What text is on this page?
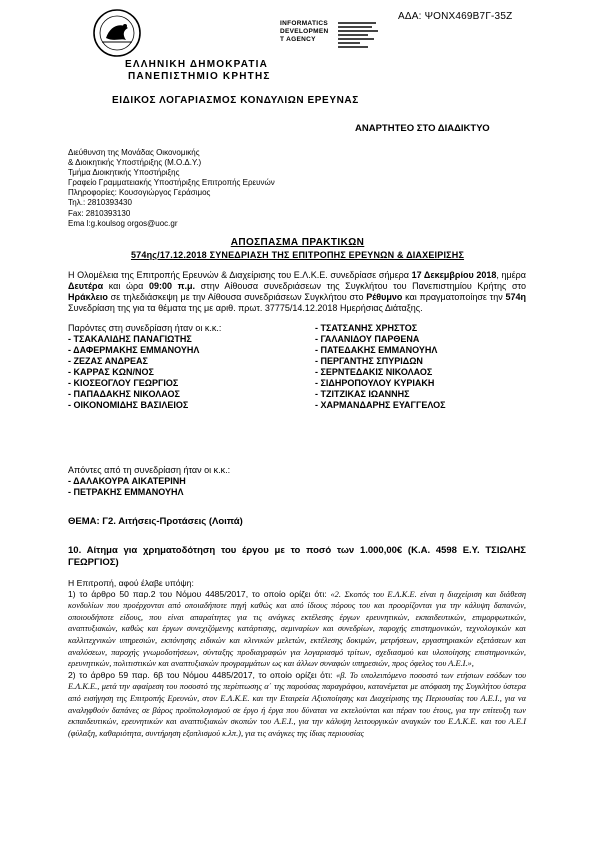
ΑΔΑ: ΨΟΝΧ469Β7Γ-35Ζ
INFORMATICS
DEVELOPMEN
T AGENCY
ΕΛΛΗΝΙΚΗ ΔΗΜΟΚΡΑΤΙΑ
ΠΑΝΕΠΙΣΤΗΜΙΟ ΚΡΗΤΗΣ
ΕΙΔΙΚΟΣ ΛΟΓΑΡΙΑΣΜΟΣ ΚΟΝΔΥΛΙΩΝ ΕΡΕΥΝΑΣ
ΑΝΑΡΤΗΤΕΟ ΣΤΟ ΔΙΑΔΙΚΤΥΟ
Διεύθυνση της Μονάδας Οικονομικής
& Διοικητικής Υποστήριξης (Μ.Ο.Δ.Υ.)
Τμήμα Διοικητικής Υποστήριξης
Γραφείο Γραμματειακής Υποστήριξης Επιτροπής Ερευνών
Πληροφορίες: Κουσογιώργος Γεράσιμος
Τηλ.: 2810393430
Fax: 2810393130
Ema l:g.koulsog orgos@uoc.gr
ΑΠΟΣΠΑΣΜΑ ΠΡΑΚΤΙΚΩΝ
574ης/17.12.2018 ΣΥΝΕΔΡΙΑΣΗ ΤΗΣ ΕΠΙΤΡΟΠΗΣ ΕΡΕΥΝΩΝ & ΔΙΑΧΕΙΡΙΣΗΣ
Η Ολομέλεια της Επιτροπής Ερευνών & Διαχείρισης του Ε.Λ.Κ.Ε. συνεδρίασε σήμερα 17 Δεκεμβρίου 2018, ημέρα Δευτέρα και ώρα 09:00 π.μ. στην Αίθουσα συνεδριάσεων της Συγκλήτου του Πανεπιστημίου Κρήτης στο Ηράκλειο σε τηλεδιάσκεψη με την Αίθουσα συνεδριάσεων Συγκλήτου στο Ρέθυμνο και πραγματοποίησε την 574η Συνεδρίαση της για τα θέματα της με αριθ. πρωτ. 37775/14.12.2018 Ημερήσιας Διάταξης.
Παρόντες στη συνεδρίαση ήταν οι κ.κ.:
- ΤΣΑΚΑΛΙΔΗΣ ΠΑΝΑΓΙΩΤΗΣ
- ΔΑΦΕΡΜΑΚΗΣ ΕΜΜΑΝΟΥΗΛ
- ΖΕΖΑΣ ΑΝΔΡΕΑΣ
- ΚΑΡΡΑΣ ΚΩΝ/ΝΟΣ
- ΚΙΟΣΕΟΓΛΟΥ ΓΕΩΡΓΙΟΣ
- ΠΑΠΑΔΑΚΗΣ ΝΙΚΟΛΑΟΣ
- ΟΙΚΟΝΟΜΙΔΗΣ ΒΑΣΙΛΕΙΟΣ
- ΤΣΑΤΣΑΝΗΣ ΧΡΗΣΤΟΣ
- ΓΑΛΑΝΙΔΟΥ ΠΑΡΘΕΝΑ
- ΠΑΤΕΔΑΚΗΣ ΕΜΜΑΝΟΥΗΛ
- ΠΕΡΓΑΝΤΗΣ ΣΠΥΡΙΔΩΝ
- ΣΕΡΝΤΕΔΑΚΙΣ ΝΙΚΟΛΑΟΣ
- ΣΙΔΗΡΟΠΟΥΛΟΥ ΚΥΡΙΑΚΗ
- ΤΖΙΤΖΙΚΑΣ ΙΩΑΝΝΗΣ
- ΧΑΡΜΑΝΔΑΡΗΣ ΕΥΑΓΓΕΛΟΣ
Απόντες από τη συνεδρίαση ήταν οι κ.κ.:
- ΔΑΛΑΚΟΥΡΑ ΑΙΚΑΤΕΡΙΝΗ
- ΠΕΤΡΑΚΗΣ ΕΜΜΑΝΟΥΗΛ
ΘΕΜΑ: Γ2. Αιτήσεις-Προτάσεις (Λοιπά)
10. Αίτημα για χρηματοδότηση του έργου με το ποσό των 1.000,00€ (Κ.Α. 4598 Ε.Υ. ΤΣΙΩΛΗΣ ΓΕΩΡΓΙΟΣ)
Η Επιτροπή, αφού έλαβε υπόψη:
1) το άρθρο 50 παρ.2 του Νόμου 4485/2017, το οποίο ορίζει ότι: «2. Σκοπός του Ε.Λ.Κ.Ε. είναι η διαχείριση και διάθεση κονδυλίων που προέρχονται από οποιαδήποτε πηγή καθώς και από ίδιους πόρους του και προορίζονται για την κάλυψη δαπανών, οποιουδήποτε είδους, που είναι απαραίτητες για τις ανάγκες εκτέλεσης έργων ερευνητικών, εκπαιδευτικών, επιμορφωτικών, αναπτυξιακών, καθώς και έργων συνεχιζόμενης κατάρτισης, σεμιναρίων και συνεδρίων, παροχής επιστημονικών, τεχνολογικών και καλλιτεχνικών υπηρεσιών, εκπόνησης ειδικών και κλινικών μελετών, εκτέλεσης δοκιμών, μετρήσεων, εργαστηριακών εξετάσεων και αναλύσεων, παροχής γνωμοδοτήσεων, σύνταξης προδιαγραφών για λογαριασμό τρίτων, σχεδιασμού και υλοποίησης επιστημονικών, ερευνητικών, πολιτιστικών και αναπτυξιακών προγραμμάτων ως και άλλων συναφών υπηρεσιών, προς όφελος του Α.Ε.Ι.»,
2) το άρθρο 59 παρ. 6β του Νόμου 4485/2017, το οποίο ορίζει ότι: «β. Το υπολειπόμενο ποσοστό των ετήσιων εσόδων του Ε.Λ.Κ.Ε., μετά την αφαίρεση του ποσοστό της περίπτωσης α΄ της παρούσας παραγράφου, κατανέμεται με απόφαση της Συγκλήτου ύστερα από εισήγηση της Επιτροπής Ερευνών, στον Ε.Λ.Κ.Ε. και την Εταιρεία Αξιοποίησης και Διαχείρισης της Περιουσίας του Α.Ε.Ι., για να αναληφθούν δαπάνες σε βάρος προϋπολογισμού σε έργο ή έργα που δύναται να εκτελούνται και πέραν του έτους, για την επίτευξη των εκπαιδευτικών, ερευνητικών και αναπτυξιακών σκοπών του Α.Ε.Ι., για την κάλυψη λειτουργικών αναγκών του Ε.Λ.Κ.Ε. και του Α.Ε.Ι (φύλαξη, καθαριότητα, συντήρηση εξοπλισμού κ.λπ.), για τις ανάγκες της ίδιας περιουσίας
